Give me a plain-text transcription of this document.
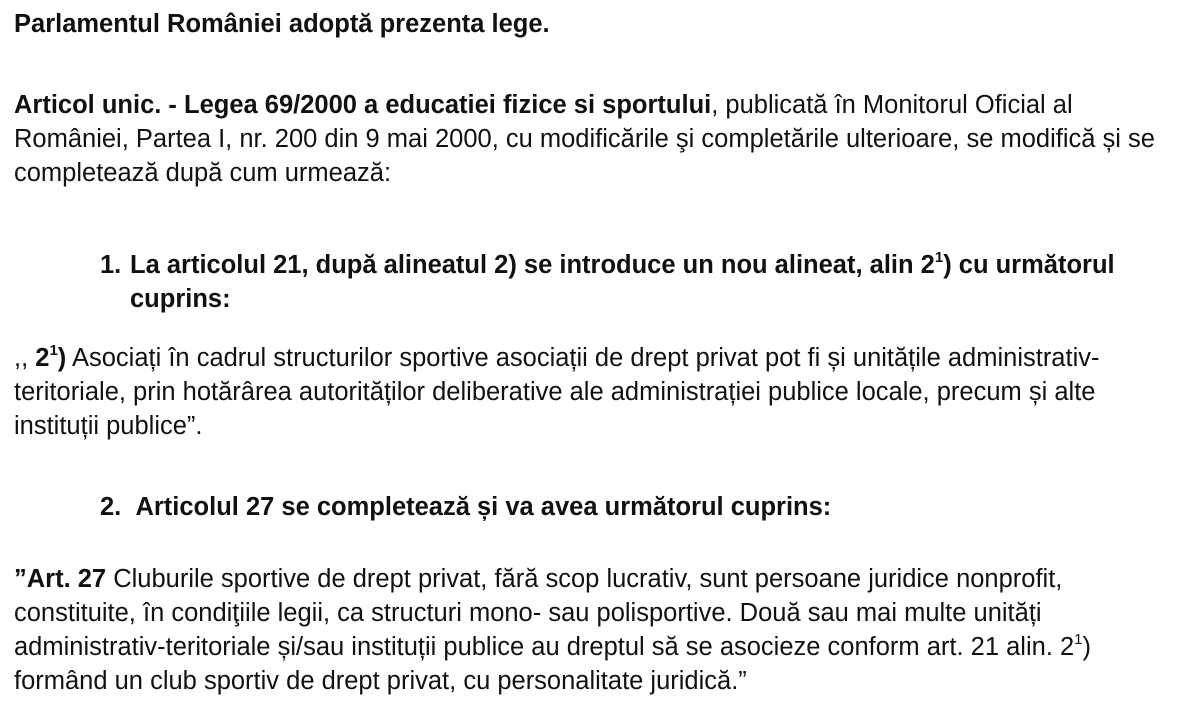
Parlamentul României adoptă prezenta lege.

Articol unic. - Legea 69/2000 a educatiei fizice si sportului, publicată în Monitorul Oficial al României, Partea I, nr. 200 din 9 mai 2000, cu modificările şi completările ulterioare, se modifică și se completează după cum urmează:

1. La articolul 21, după alineatul 2) se introduce un nou alineat, alin $2^1$) cu următorul cuprins:

,, $2^1$) Asociați în cadrul structurilor sportive asociații de drept privat pot fi și unitățile administrativ-teritoriale, prin hotărârea autorităților deliberative ale administrației publice locale, precum și alte instituții publice”.

2. Articolul 27 se completează și va avea următorul cuprins:

”Art. 27 Cluburile sportive de drept privat, fără scop lucrativ, sunt persoane juridice nonprofit, constituite, în condiţiile legii, ca structuri mono- sau polisportive. Două sau mai multe unități administrativ-teritoriale și/sau instituții publice au dreptul să se asocieze conform art. 21 alin. $2^1$) formând un club sportiv de drept privat, cu personalitate juridică.”
